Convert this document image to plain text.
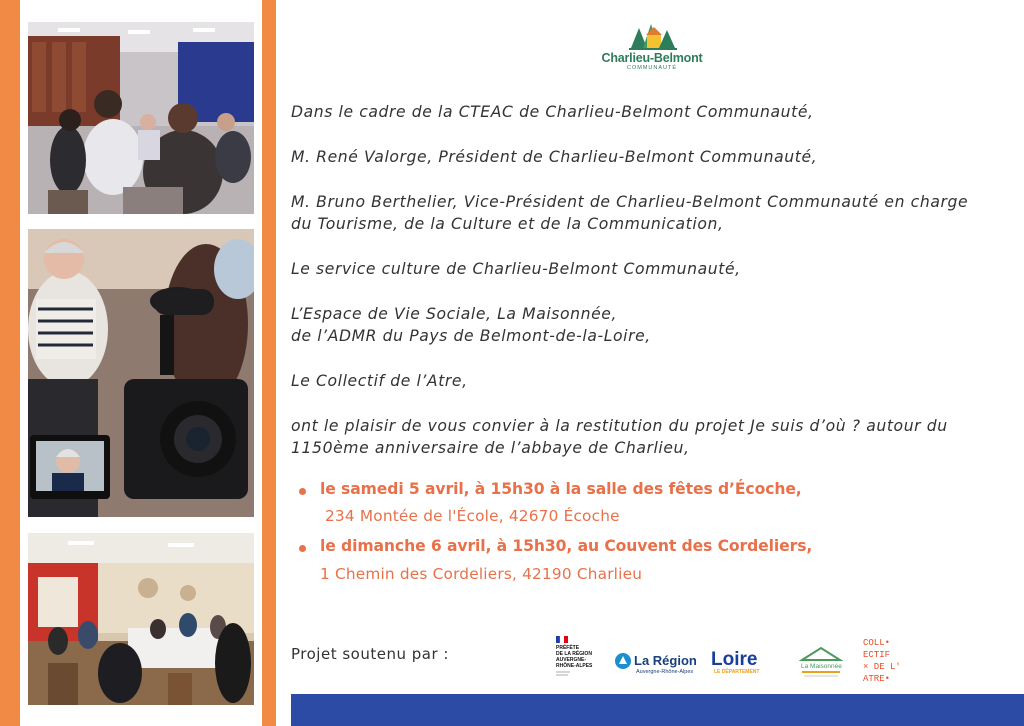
Charlieu-Belmont
COMMUNAUTÉ
Dans le cadre de la CTEAC de Charlieu-Belmont Communauté,
M. René Valorge, Président de Charlieu-Belmont Communauté,
M. Bruno Berthelier, Vice-Président de Charlieu-Belmont Communauté en charge
du Tourisme, de la Culture et de la Communication,
Le service culture de Charlieu-Belmont Communauté,
L’Espace de Vie Sociale, La Maisonnée,
de l’ADMR du Pays de Belmont-de-la-Loire,
Le Collectif de l’Atre,
ont le plaisir de vous convier à la restitution du projet Je suis d’où ? autour du
1150ème anniversaire de l’abbaye de Charlieu,
le samedi 5 avril, à 15h30 à la salle des fêtes d’Écoche,
234 Montée de l'École, 42670 Écoche
le dimanche 6 avril, à 15h30, au Couvent des Cordeliers,
1 Chemin des Cordeliers, 42190 Charlieu
Projet soutenu par :	PRÉFÈTE
DE LA RÉGION
AUVERGNE-
RHÔNE-ALPES	La Région
Auvergne-Rhône-Alpes
Loire
LE DÉPARTEMENT
La Maisonnée
COLL•
ECTIF
× DE L'
ATRE•
